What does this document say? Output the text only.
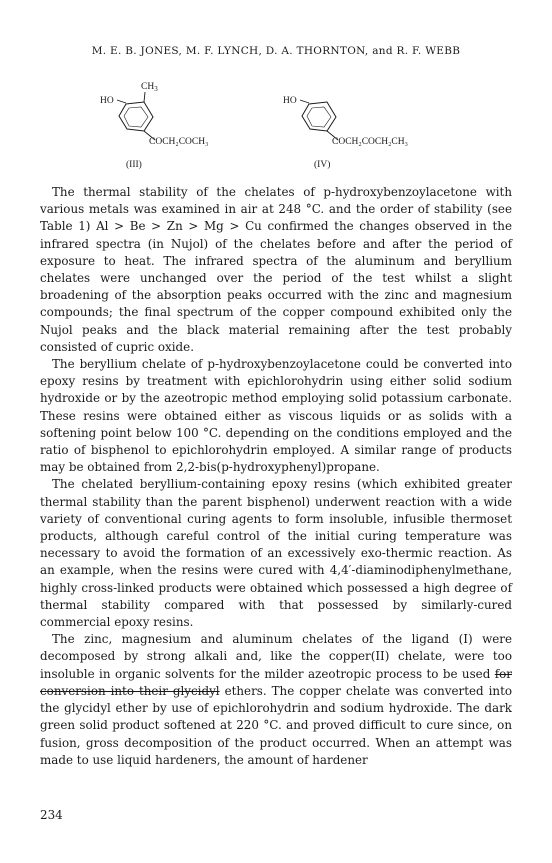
M. E. B. JONES, M. F. LYNCH, D. A. THORNTON, and R. F. WEBB
HO
$CH_3$
COCH₂COCH₃
(III)
HO
COCH₂COCH₂CH₃
(IV)

The thermal stability of the chelates of p-hydroxybenzoylacetone with various metals was examined in air at 248 °C. and the order of stability (see Table 1) Al > Be > Zn > Mg > Cu confirmed the changes observed in the infrared spectra (in Nujol) of the chelates before and after the period of exposure to heat. The infrared spectra of the aluminum and beryllium chelates were unchanged over the period of the test whilst a slight broadening of the absorption peaks occurred with the zinc and magnesium compounds; the final spectrum of the copper compound exhibited only the Nujol peaks and the black material remaining after the test probably consisted of cupric oxide.

The beryllium chelate of p-hydroxybenzoylacetone could be converted into epoxy resins by treatment with epichlorohydrin using either solid sodium hydroxide or by the azeotropic method employing solid potassium carbonate. These resins were obtained either as viscous liquids or as solids with a softening point below 100 °C. depending on the conditions employed and the ratio of bisphenol to epichlorohydrin employed. A similar range of products may be obtained from 2,2-bis(p-hydroxyphenyl)propane.

The chelated beryllium-containing epoxy resins (which exhibited greater thermal stability than the parent bisphenol) underwent reaction with a wide variety of conventional curing agents to form insoluble, infusible thermoset products, although careful control of the initial curing temperature was necessary to avoid the formation of an excessively exo-thermic reaction. As an example, when the resins were cured with 4,4′-diaminodiphenylmethane, highly cross-linked products were obtained which possessed a high degree of thermal stability compared with that possessed by similarly-cured commercial epoxy resins.

The zinc, magnesium and aluminum chelates of the ligand (I) were decomposed by strong alkali and, like the copper(II) chelate, were too insoluble in organic solvents for the milder azeotropic process to be used for conversion into their glycidyl ethers. The copper chelate was converted into the glycidyl ether by use of epichlorohydrin and sodium hydroxide. The dark green solid product softened at 220 °C. and proved difficult to cure since, on fusion, gross decomposition of the product occurred. When an attempt was made to use liquid hardeners, the amount of hardener

234
